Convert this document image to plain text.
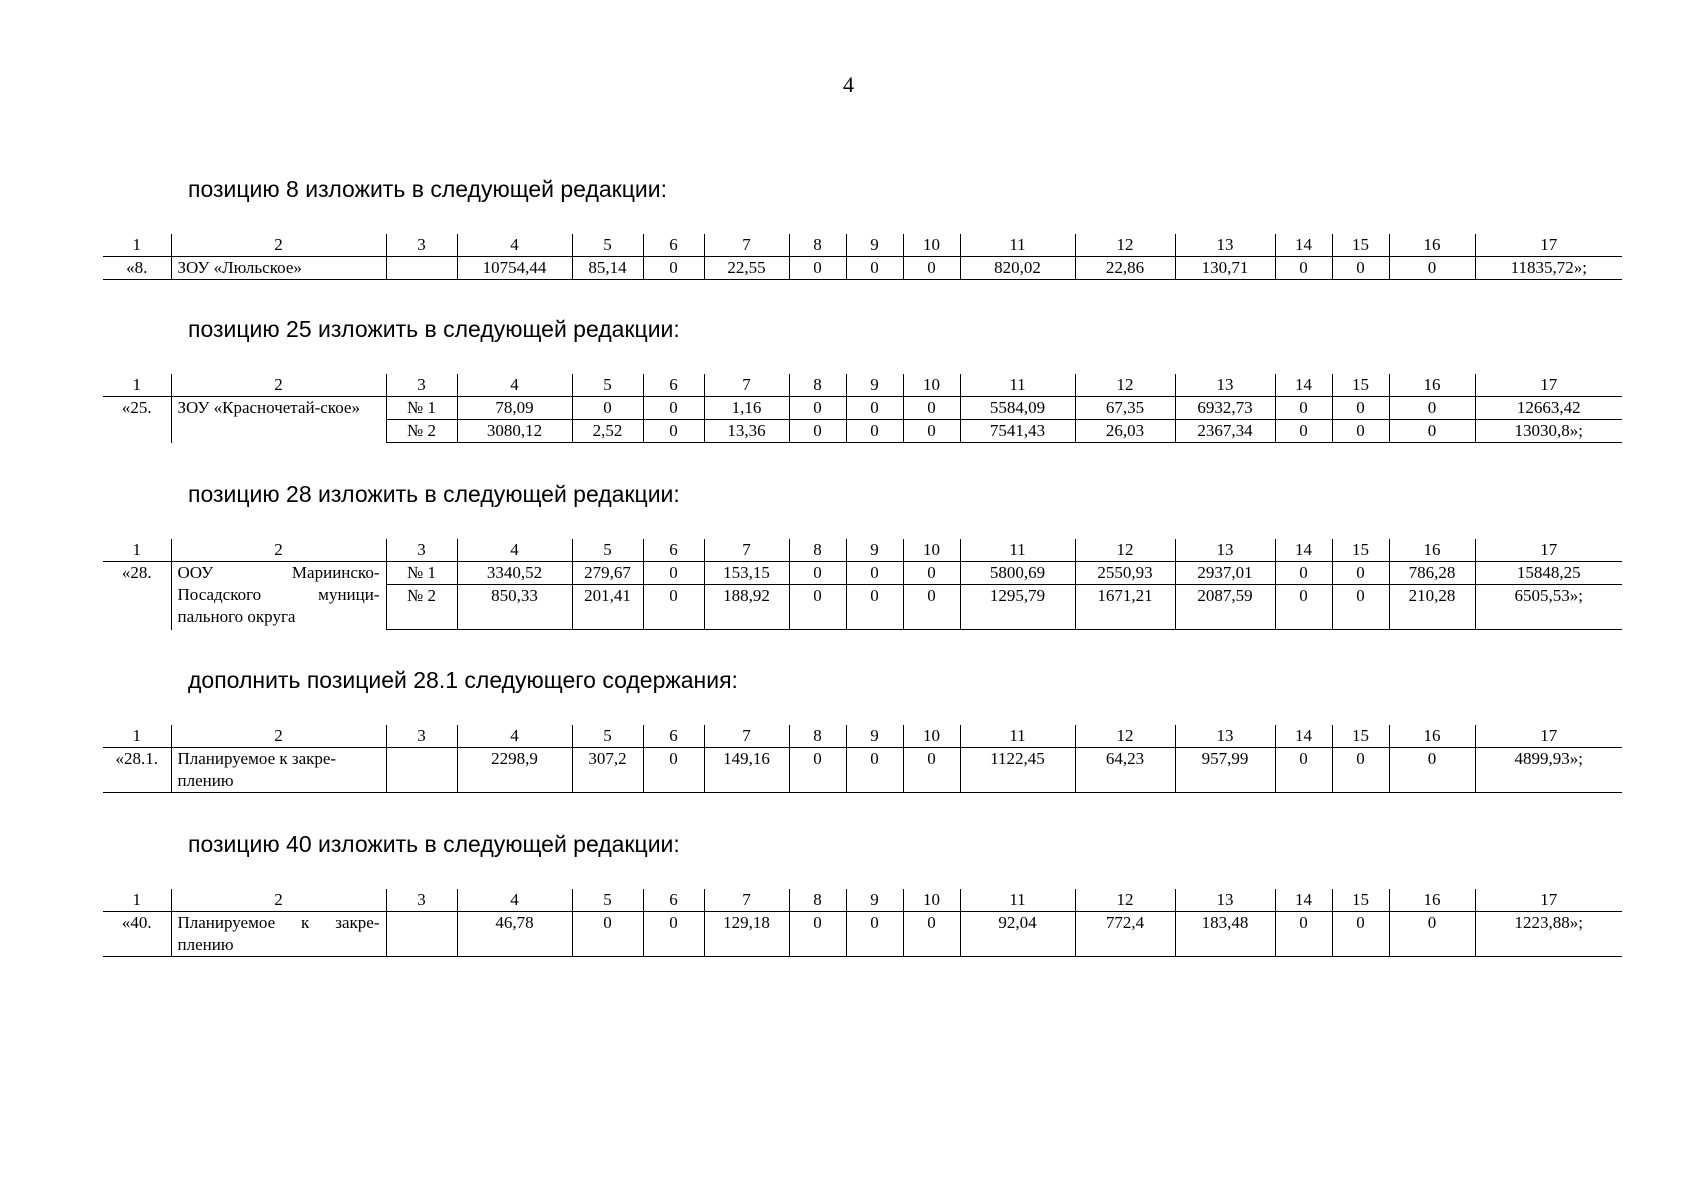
4
позицию 8 изложить в следующей редакции:
1	2	3	4	5	6	7	8	9	10	11	12	13	14	15	16	17
«8.	ЗОУ «Люльское»		10754,44	85,14	0	22,55	0	0	0	820,02	22,86	130,71	0	0	0	11835,72»;
позицию 25 изложить в следующей редакции:
1	2	3	4	5	6	7	8	9	10	11	12	13	14	15	16	17
«25.	ЗОУ «Красночетай-ское»	№ 1	78,09	0	0	1,16	0	0	0	5584,09	67,35	6932,73	0	0	0	12663,42
		№ 2	3080,12	2,52	0	13,36	0	0	0	7541,43	26,03	2367,34	0	0	0	13030,8»;
позицию 28 изложить в следующей редакции:
1	2	3	4	5	6	7	8	9	10	11	12	13	14	15	16	17
«28.	ООУ Мариинско-Посадского муници-пального округа	№ 1	3340,52	279,67	0	153,15	0	0	0	5800,69	2550,93	2937,01	0	0	786,28	15848,25
		№ 2	850,33	201,41	0	188,92	0	0	0	1295,79	1671,21	2087,59	0	0	210,28	6505,53»;
дополнить позицией 28.1 следующего содержания:
1	2	3	4	5	6	7	8	9	10	11	12	13	14	15	16	17
«28.1.	Планируемое к закре-плению		2298,9	307,2	0	149,16	0	0	0	1122,45	64,23	957,99	0	0	0	4899,93»;
позицию 40 изложить в следующей редакции:
1	2	3	4	5	6	7	8	9	10	11	12	13	14	15	16	17
«40.	Планируемое к закре-плению		46,78	0	0	129,18	0	0	0	92,04	772,4	183,48	0	0	0	1223,88»;
